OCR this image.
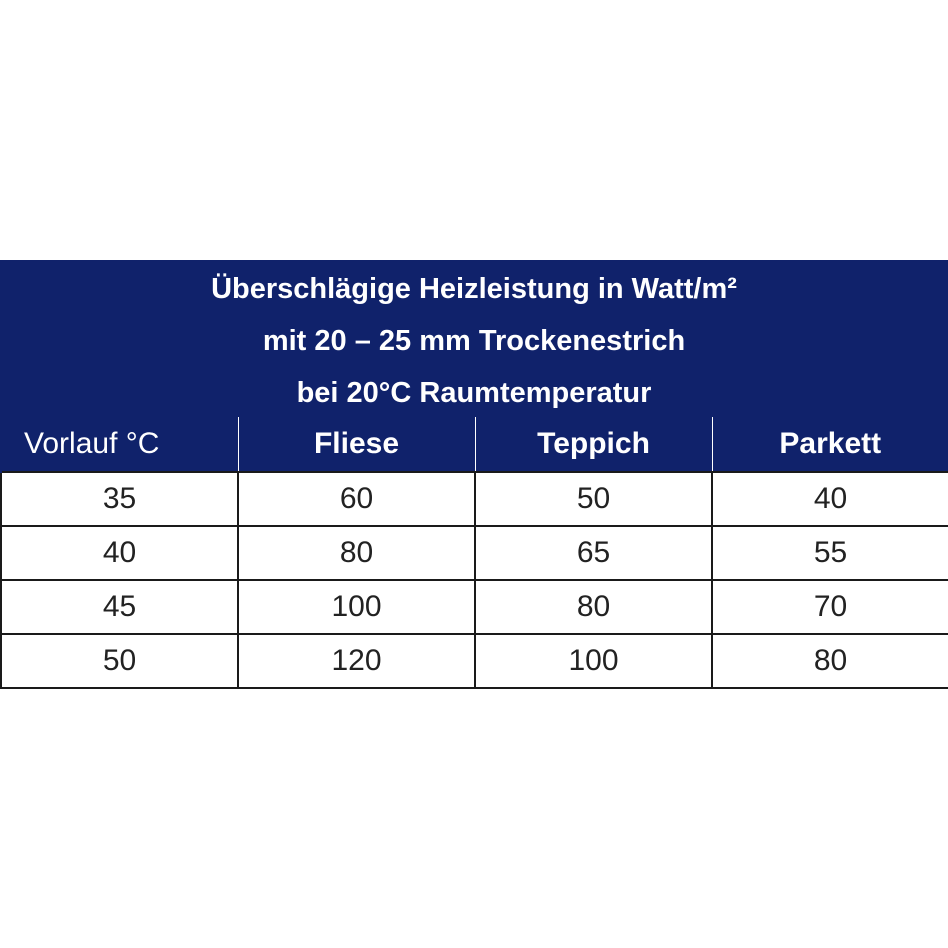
Überschlägige Heizleistung in Watt/m²
mit 20 – 25 mm Trockenestrich
bei 20°C Raumtemperatur
Vorlauf °C	Fliese	Teppich	Parkett
35	60	50	40
40	80	65	55
45	100	80	70
50	120	100	80
